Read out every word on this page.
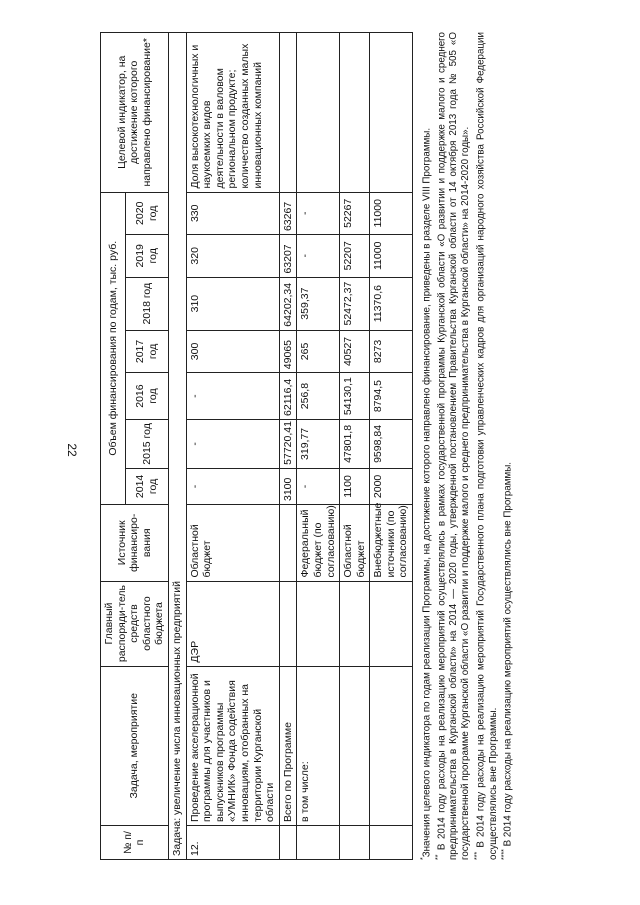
22
№ п/п	Задача, мероприятие	Главный распоряди-тель средств областного бюджета	Источник финансиро-вания	Объем финансирования по годам, тыс. руб.							Целевой индикатор, на достижение которого направлено финансирование*
				2014 год	2015 год	2016 год	2017 год	2018 год	2019 год	2020 год	
Задача: увеличение числа инновационных предприятий											
12.	Проведение акселерационной программы для участников и выпускников программы «УМНИК» Фонда содействия инновациям, отобранных на территории Курганской области	ДЭР	Областной бюджет	-	-	-	300	310	320	330	Доля высокотехнологичных и наукоемких видов деятельности в валовом региональном продукте; количество созданных малых инновационных компаний
	Всего по Программе			3100	57720,41	62116,4	49065	64202,34	63207	63267	
	в том числе:		Федеральный бюджет (по согласованию)	-	319,77	256,8	265	359,37	-	-	
			Областной бюджет	1100	47801,8	54130,1	40527	52472,37	52207	52267	
			Внебюджетные источники (по согласованию)	2000	9598,84	8794,5	8273	11370,6	11000	11000	

*Значения целевого индикатора по годам реализации Программы, на достижение которого направлено финансирование, приведены в разделе VIII Программы.

** В 2014 году расходы на реализацию мероприятий осуществлялись в рамках государственной программы Курганской области «О развитии и поддержке малого и среднего предпринимательства в Курганской области» на 2014 — 2020 годы, утвержденной постановлением Правительства Курганской области от 14 октября 2013 года № 505 «О государственной программе Курганской области «О развитии и поддержке малого и среднего предпринимательства в Курганской области» на 2014-2020 годы». *** В 2014 году расходы на реализацию мероприятий Государственного плана подготовки управленческих кадров для организаций народного хозяйства Российской Федерации осуществлялись вне Программы. **** В 2014 году расходы на реализацию мероприятий осуществлялись вне Программы.
